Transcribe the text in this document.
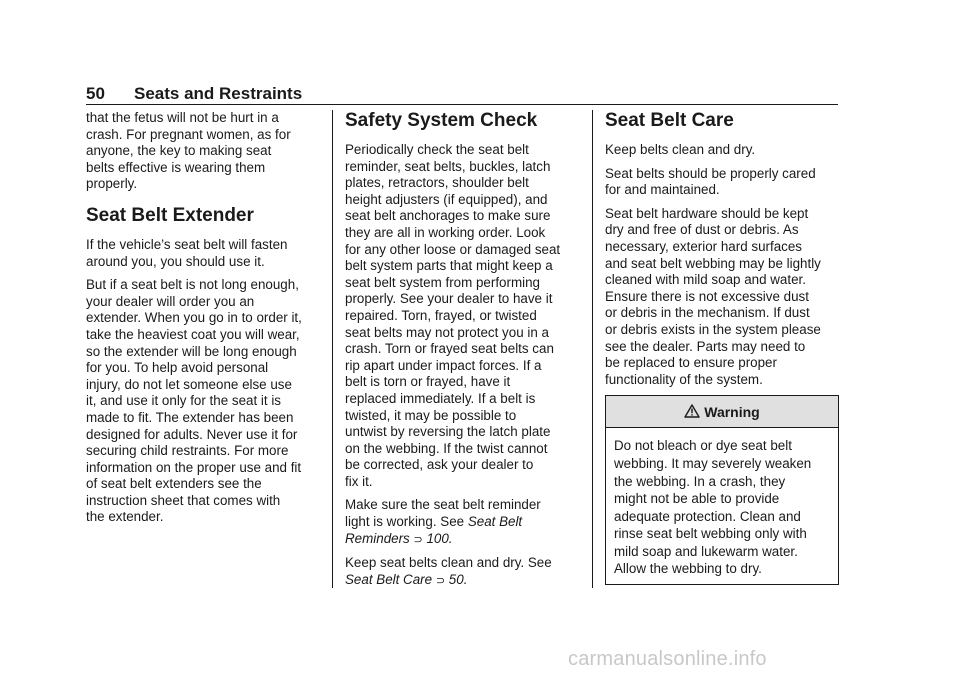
50 Seats and Restraints
that the fetus will not be hurt in a
crash. For pregnant women, as for
anyone, the key to making seat
belts effective is wearing them
properly.
Seat Belt Extender
If the vehicle’s seat belt will fasten
around you, you should use it.
But if a seat belt is not long enough,
your dealer will order you an
extender. When you go in to order it,
take the heaviest coat you will wear,
so the extender will be long enough
for you. To help avoid personal
injury, do not let someone else use
it, and use it only for the seat it is
made to fit. The extender has been
designed for adults. Never use it for
securing child restraints. For more
information on the proper use and fit
of seat belt extenders see the
instruction sheet that comes with
the extender.
Safety System Check
Periodically check the seat belt
reminder, seat belts, buckles, latch
plates, retractors, shoulder belt
height adjusters (if equipped), and
seat belt anchorages to make sure
they are all in working order. Look
for any other loose or damaged seat
belt system parts that might keep a
seat belt system from performing
properly. See your dealer to have it
repaired. Torn, frayed, or twisted
seat belts may not protect you in a
crash. Torn or frayed seat belts can
rip apart under impact forces. If a
belt is torn or frayed, have it
replaced immediately. If a belt is
twisted, it may be possible to
untwist by reversing the latch plate
on the webbing. If the twist cannot
be corrected, ask your dealer to
fix it.
Make sure the seat belt reminder
light is working. See Seat Belt
Reminders ⊃ 100.
Keep seat belts clean and dry. See
Seat Belt Care ⊃ 50.
Seat Belt Care
Keep belts clean and dry.
Seat belts should be properly cared
for and maintained.
Seat belt hardware should be kept
dry and free of dust or debris. As
necessary, exterior hard surfaces
and seat belt webbing may be lightly
cleaned with mild soap and water.
Ensure there is not excessive dust
or debris in the mechanism. If dust
or debris exists in the system please
see the dealer. Parts may need to
be replaced to ensure proper
functionality of the system.
Warning
Do not bleach or dye seat belt
webbing. It may severely weaken
the webbing. In a crash, they
might not be able to provide
adequate protection. Clean and
rinse seat belt webbing only with
mild soap and lukewarm water.
Allow the webbing to dry.
carmanualsonline.info
